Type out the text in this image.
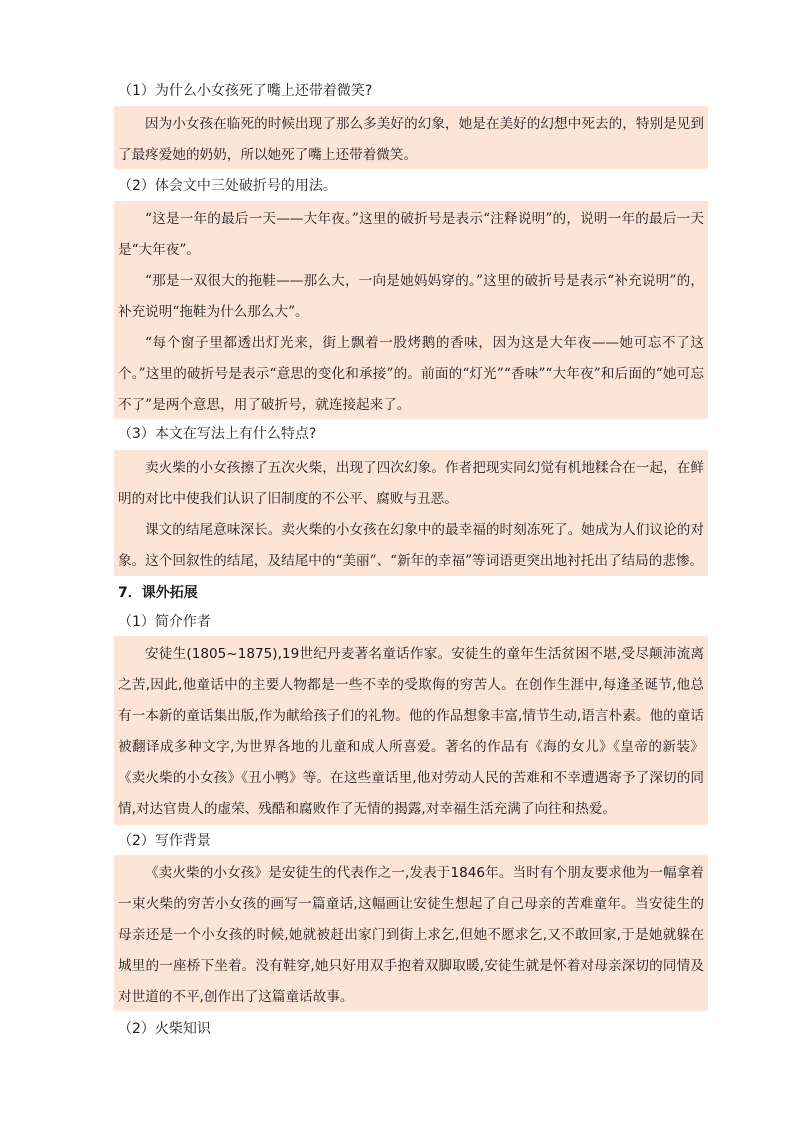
（1）为什么小女孩死了嘴上还带着微笑?

因为小女孩在临死的时候出现了那么多美好的幻象，她是在美好的幻想中死去的，特别是见到了最疼爱她的奶奶，所以她死了嘴上还带着微笑。

（2）体会文中三处破折号的用法。

“这是一年的最后一天——大年夜。”这里的破折号是表示“注释说明”的，说明一年的最后一天是“大年夜”。

“那是一双很大的拖鞋——那么大，一向是她妈妈穿的。”这里的破折号是表示“补充说明”的，补充说明“拖鞋为什么那么大”。

“每个窗子里都透出灯光来，街上飘着一股烤鹅的香味，因为这是大年夜——她可忘不了这个。”这里的破折号是表示“意思的变化和承接”的。前面的“灯光”“香味”“大年夜”和后面的“她可忘不了”是两个意思，用了破折号，就连接起来了。

（3）本文在写法上有什么特点?

卖火柴的小女孩擦了五次火柴，出现了四次幻象。作者把现实同幻觉有机地糅合在一起，在鲜明的对比中使我们认识了旧制度的不公平、腐败与丑恶。

课文的结尾意味深长。卖火柴的小女孩在幻象中的最幸福的时刻冻死了。她成为人们议论的对象。这个回叙性的结尾，及结尾中的“美丽”、“新年的幸福”等词语更突出地衬托出了结局的悲惨。

7．课外拓展
（1）简介作者

安徒生(1805~1875),19世纪丹麦著名童话作家。安徒生的童年生活贫困不堪,受尽颠沛流离之苦,因此,他童话中的主要人物都是一些不幸的受欺侮的穷苦人。在创作生涯中,每逢圣诞节,他总有一本新的童话集出版,作为献给孩子们的礼物。他的作品想象丰富,情节生动,语言朴素。他的童话被翻译成多种文字,为世界各地的儿童和成人所喜爱。著名的作品有《海的女儿》《皇帝的新装》《卖火柴的小女孩》《丑小鸭》等。在这些童话里,他对劳动人民的苦难和不幸遭遇寄予了深切的同情,对达官贵人的虚荣、残酷和腐败作了无情的揭露,对幸福生活充满了向往和热爱。

（2）写作背景

《卖火柴的小女孩》是安徒生的代表作之一,发表于1846年。当时有个朋友要求他为一幅拿着一束火柴的穷苦小女孩的画写一篇童话,这幅画让安徒生想起了自己母亲的苦难童年。当安徒生的母亲还是一个小女孩的时候,她就被赶出家门到街上求乞,但她不愿求乞,又不敢回家,于是她就躲在城里的一座桥下坐着。没有鞋穿,她只好用双手抱着双脚取暖,安徒生就是怀着对母亲深切的同情及对世道的不平,创作出了这篇童话故事。

（2）火柴知识
